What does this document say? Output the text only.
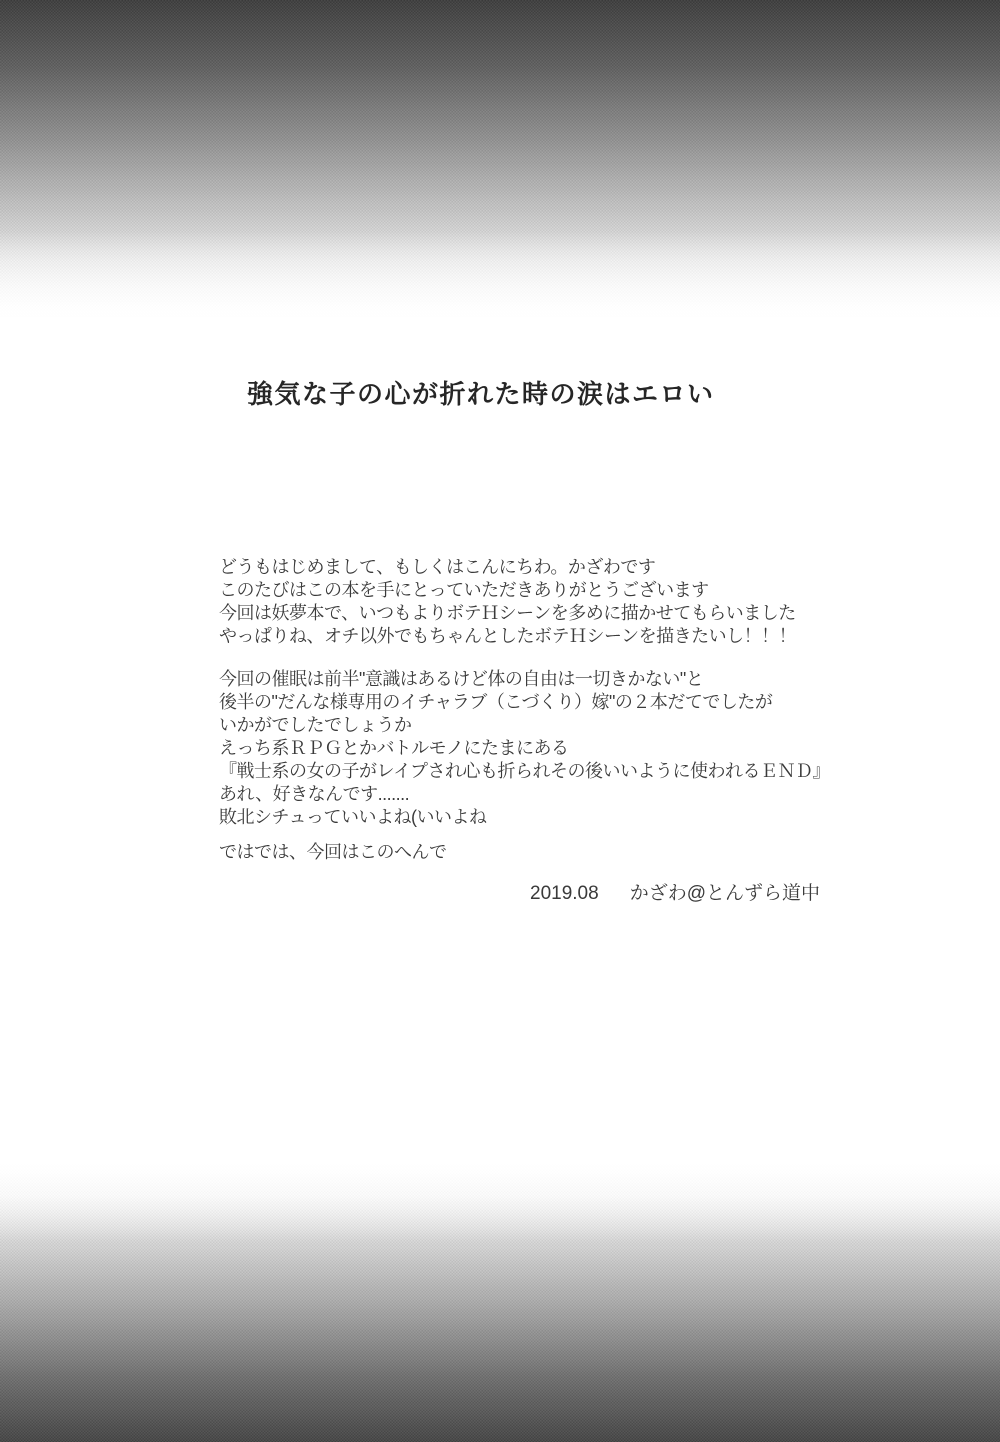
強気な子の心が折れた時の涙はエロい

どうもはじめまして、もしくはこんにちわ。かざわです
このたびはこの本を手にとっていただきありがとうございます
今回は妖夢本で、いつもよりボテＨシーンを多めに描かせてもらいました
やっぱりね、オチ以外でもちゃんとしたボテＨシーンを描きたいし！！！

今回の催眠は前半"意識はあるけど体の自由は一切きかない"と
後半の"だんな様専用のイチャラブ（こづくり）嫁"の２本だてでしたが
いかがでしたでしょうか
えっち系ＲＰＧとかバトルモノにたまにある
『戦士系の女の子がレイプされ心も折られその後いいように使われるＥＮＤ』
あれ、好きなんです.......
敗北シチュっていいよね(いいよね

ではでは、今回はこのへんで

2019.08 かざわ@とんずら道中
